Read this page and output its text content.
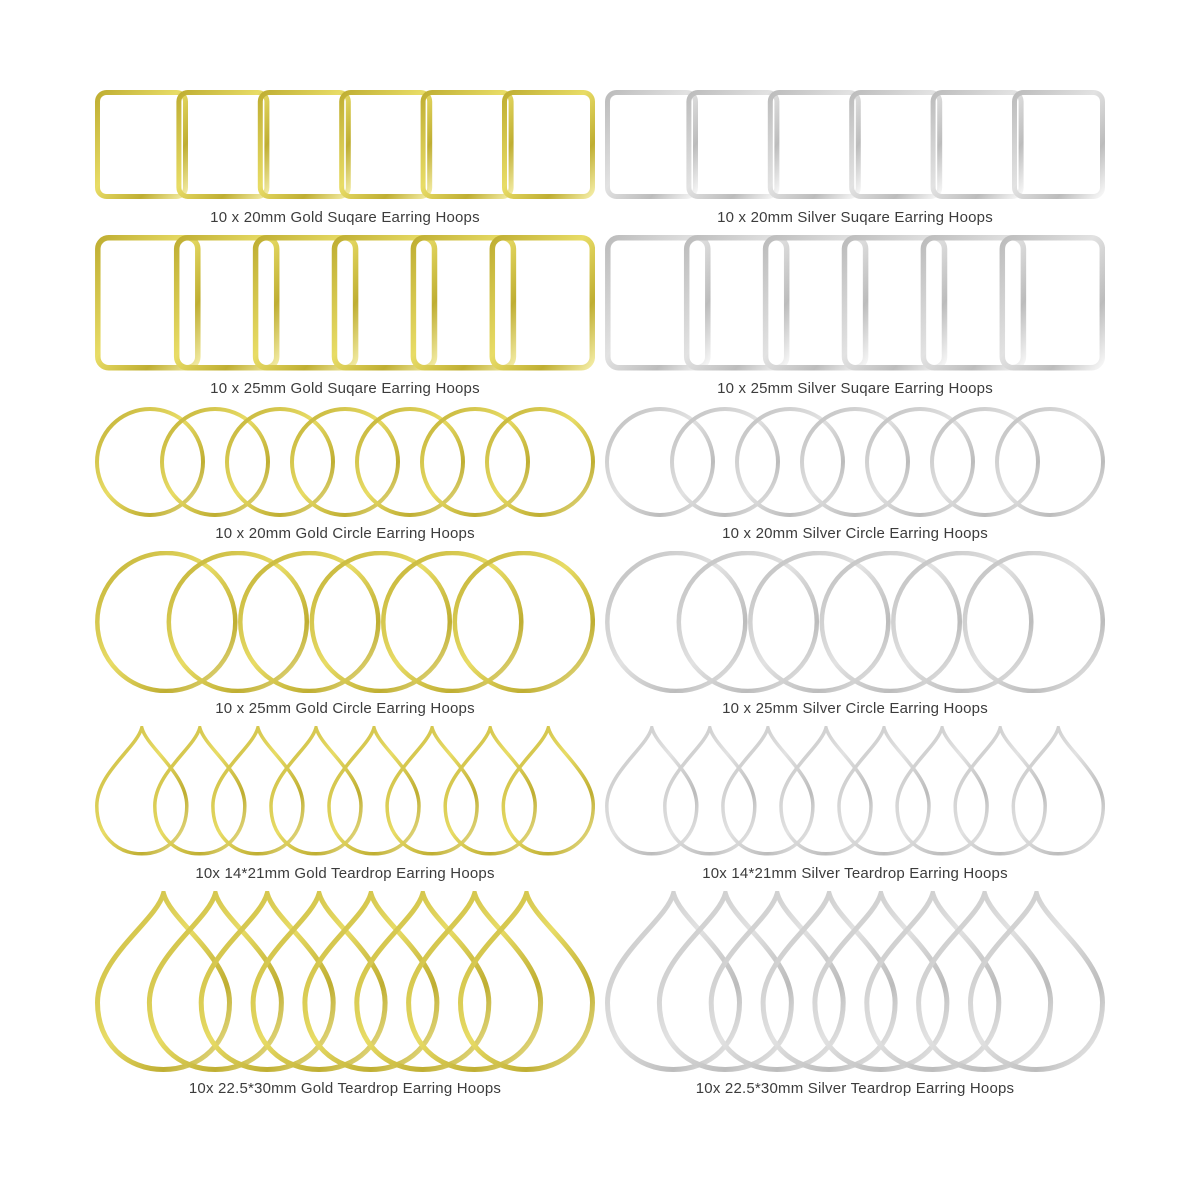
10 x 20mm Gold Suqare Earring Hoops	10 x 20mm Silver Suqare Earring Hoops
10 x 25mm Gold Suqare Earring Hoops	10 x 25mm Silver Suqare Earring Hoops
10 x 20mm Gold Circle Earring Hoops	10 x 20mm Silver Circle Earring Hoops
10 x 25mm Gold Circle Earring Hoops	10 x 25mm Silver Circle Earring Hoops
10x 14*21mm Gold Teardrop Earring Hoops	10x 14*21mm Silver Teardrop Earring Hoops
10x 22.5*30mm Gold Teardrop Earring Hoops	10x 22.5*30mm Silver Teardrop Earring Hoops
